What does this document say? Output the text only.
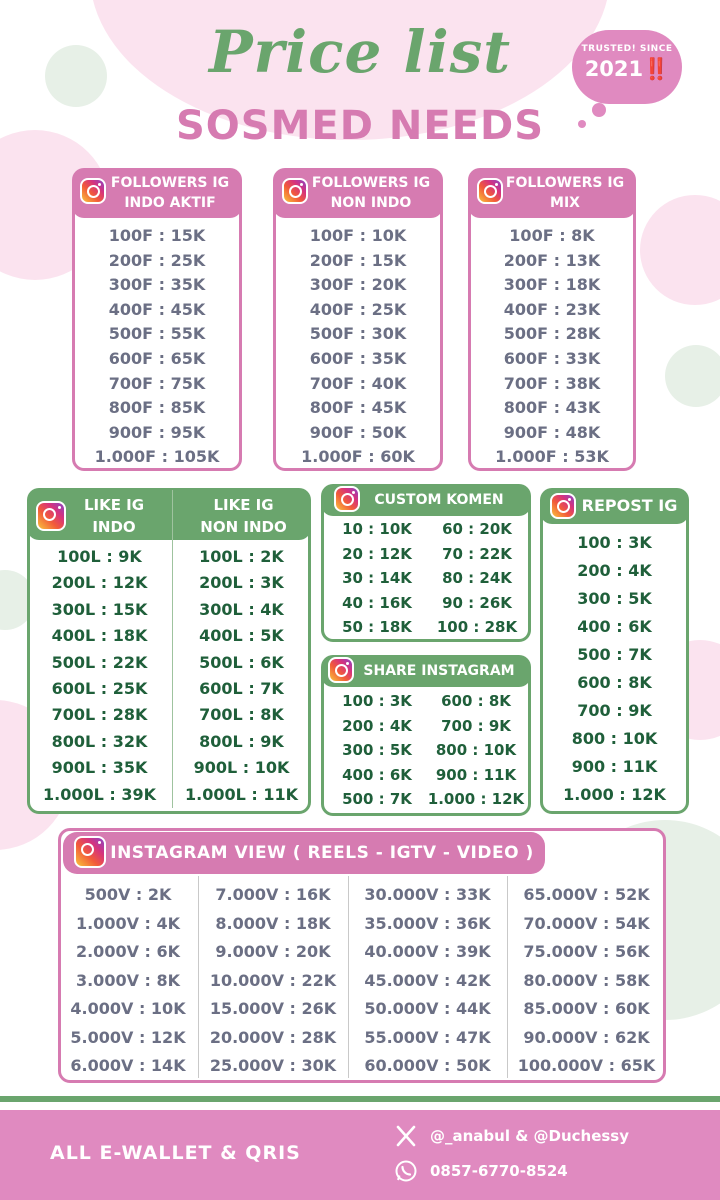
Price list
SOSMED NEEDS
TRUSTED! SINCE
2021‼️
FOLLOWERS IG
INDO AKTIF
100F : 15K
200F : 25K
300F : 35K
400F : 45K
500F : 55K
600F : 65K
700F : 75K
800F : 85K
900F : 95K
1.000F : 105K
FOLLOWERS IG
NON INDO
100F : 10K
200F : 15K
300F : 20K
400F : 25K
500F : 30K
600F : 35K
700F : 40K
800F : 45K
900F : 50K
1.000F : 60K
FOLLOWERS IG
MIX
100F : 8K
200F : 13K
300F : 18K
400F : 23K
500F : 28K
600F : 33K
700F : 38K
800F : 43K
900F : 48K
1.000F : 53K
LIKE IG
INDO
LIKE IG
NON INDO
100L : 9K
200L : 12K
300L : 15K
400L : 18K
500L : 22K
600L : 25K
700L : 28K
800L : 32K
900L : 35K
1.000L : 39K
100L : 2K
200L : 3K
300L : 4K
400L : 5K
500L : 6K
600L : 7K
700L : 8K
800L : 9K
900L : 10K
1.000L : 11K
CUSTOM KOMEN
10 : 10K
20 : 12K
30 : 14K
40 : 16K
50 : 18K
60 : 20K
70 : 22K
80 : 24K
90 : 26K
100 : 28K
SHARE INSTAGRAM
100 : 3K
200 : 4K
300 : 5K
400 : 6K
500 : 7K
600 : 8K
700 : 9K
800 : 10K
900 : 11K
1.000 : 12K
REPOST IG
100 : 3K
200 : 4K
300 : 5K
400 : 6K
500 : 7K
600 : 8K
700 : 9K
800 : 10K
900 : 11K
1.000 : 12K
INSTAGRAM VIEW ( REELS - IGTV - VIDEO )
500V : 2K
1.000V : 4K
2.000V : 6K
3.000V : 8K
4.000V : 10K
5.000V : 12K
6.000V : 14K
7.000V : 16K
8.000V : 18K
9.000V : 20K
10.000V : 22K
15.000V : 26K
20.000V : 28K
25.000V : 30K
30.000V : 33K
35.000V : 36K
40.000V : 39K
45.000V : 42K
50.000V : 44K
55.000V : 47K
60.000V : 50K
65.000V : 52K
70.000V : 54K
75.000V : 56K
80.000V : 58K
85.000V : 60K
90.000V : 62K
100.000V : 65K
ALL E-WALLET & QRIS
@_anabul & @Duchessy
0857-6770-8524
